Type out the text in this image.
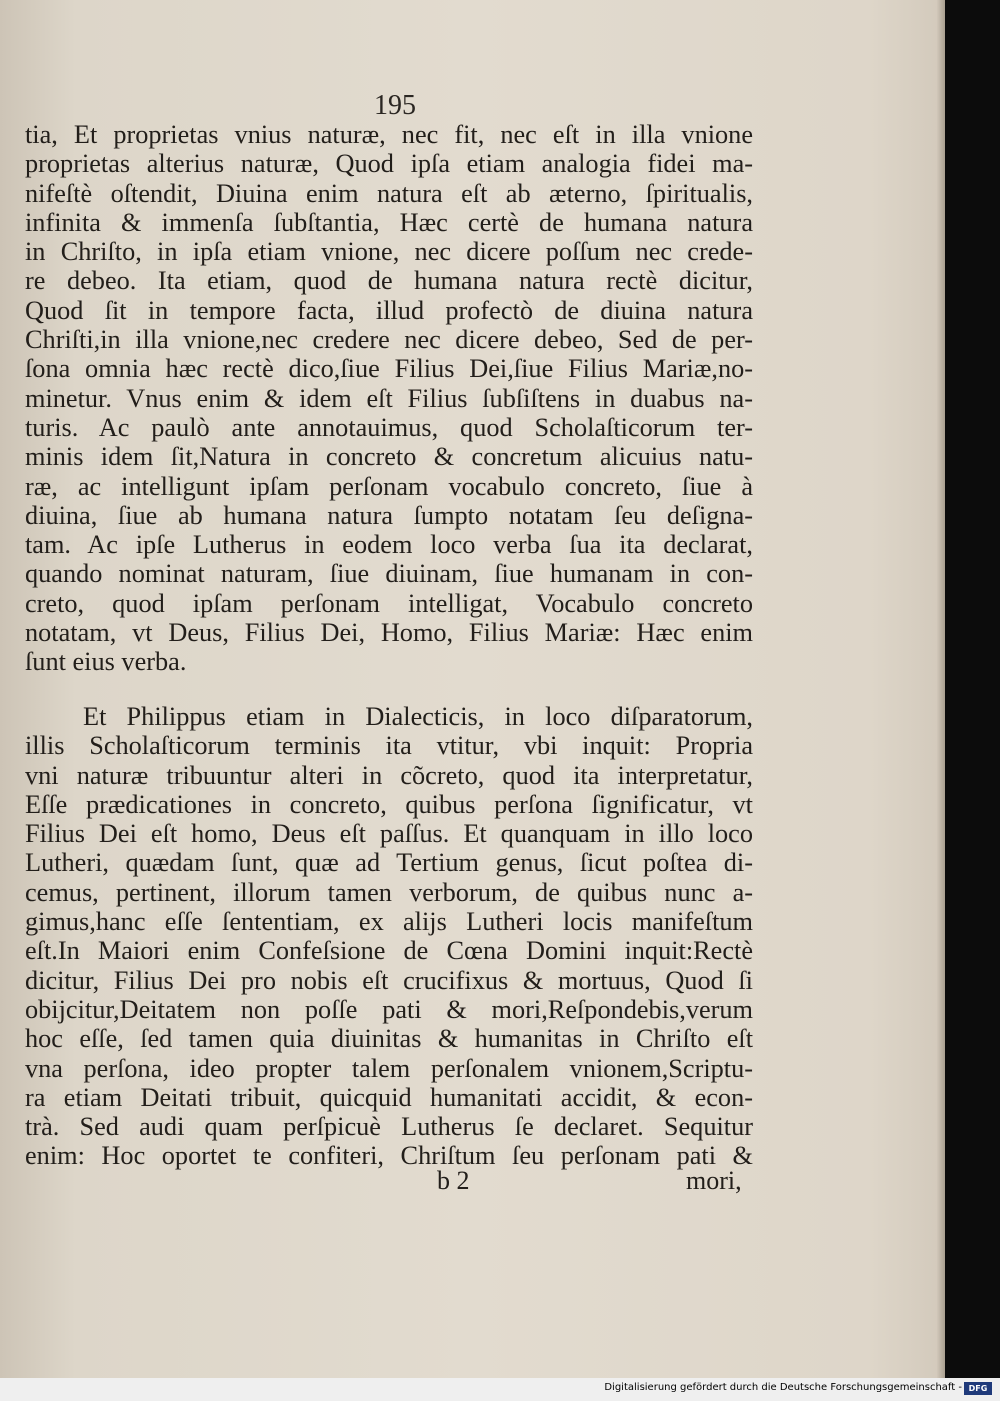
195
tia, Et proprietas vnius naturæ, nec fit, nec eſt in illa vnione
proprietas alterius naturæ, Quod ipſa etiam analogia fidei ma-
nifeſtè oſtendit, Diuina enim natura eſt ab æterno, ſpiritualis,
infinita & immenſa ſubſtantia, Hæc certè de humana natura
in Chriſto, in ipſa etiam vnione, nec dicere poſſum nec crede-
re debeo. Ita etiam, quod de humana natura rectè dicitur,
Quod ſit in tempore facta, illud profectò de diuina natura
Chriſti,in illa vnione,nec credere nec dicere debeo, Sed de per-
ſona omnia hæc rectè dico,ſiue Filius Dei,ſiue Filius Mariæ,no-
minetur. Vnus enim & idem eſt Filius ſubſiſtens in duabus na-
turis. Ac paulò ante annotauimus, quod Scholaſticorum ter-
minis idem ſit,Natura in concreto & concretum alicuius natu-
ræ, ac intelligunt ipſam perſonam vocabulo concreto, ſiue à
diuina, ſiue ab humana natura ſumpto notatam ſeu deſigna-
tam. Ac ipſe Lutherus in eodem loco verba ſua ita declarat,
quando nominat naturam, ſiue diuinam, ſiue humanam in con-
creto, quod ipſam perſonam intelligat, Vocabulo concreto
notatam, vt Deus, Filius Dei, Homo, Filius Mariæ: Hæc enim
ſunt eius verba.
Et Philippus etiam in Dialecticis, in loco diſparatorum,
illis Scholaſticorum terminis ita vtitur, vbi inquit: Propria
vni naturæ tribuuntur alteri in cõcreto, quod ita interpretatur,
Eſſe prædicationes in concreto, quibus perſona ſignificatur, vt
Filius Dei eſt homo, Deus eſt paſſus. Et quanquam in illo loco
Lutheri, quædam ſunt, quæ ad Tertium genus, ſicut poſtea di-
cemus, pertinent, illorum tamen verborum, de quibus nunc a-
gimus,hanc eſſe ſententiam, ex alijs Lutheri locis manifeſtum
eſt.In Maiori enim Confeſsione de Cœna Domini inquit:Rectè
dicitur, Filius Dei pro nobis eſt crucifixus & mortuus, Quod ſi
obijcitur,Deitatem non poſſe pati & mori,Reſpondebis,verum
hoc eſſe, ſed tamen quia diuinitas & humanitas in Chriſto eſt
vna perſona, ideo propter talem perſonalem vnionem,Scriptu-
ra etiam Deitati tribuit, quicquid humanitati accidit, & econ-
trà. Sed audi quam perſpicuè Lutherus ſe declaret. Sequitur
enim: Hoc oportet te confiteri, Chriſtum ſeu perſonam pati &
b 2	mori,
Digitalisierung gefördert durch die Deutsche Forschungsgemeinschaft - DFG
